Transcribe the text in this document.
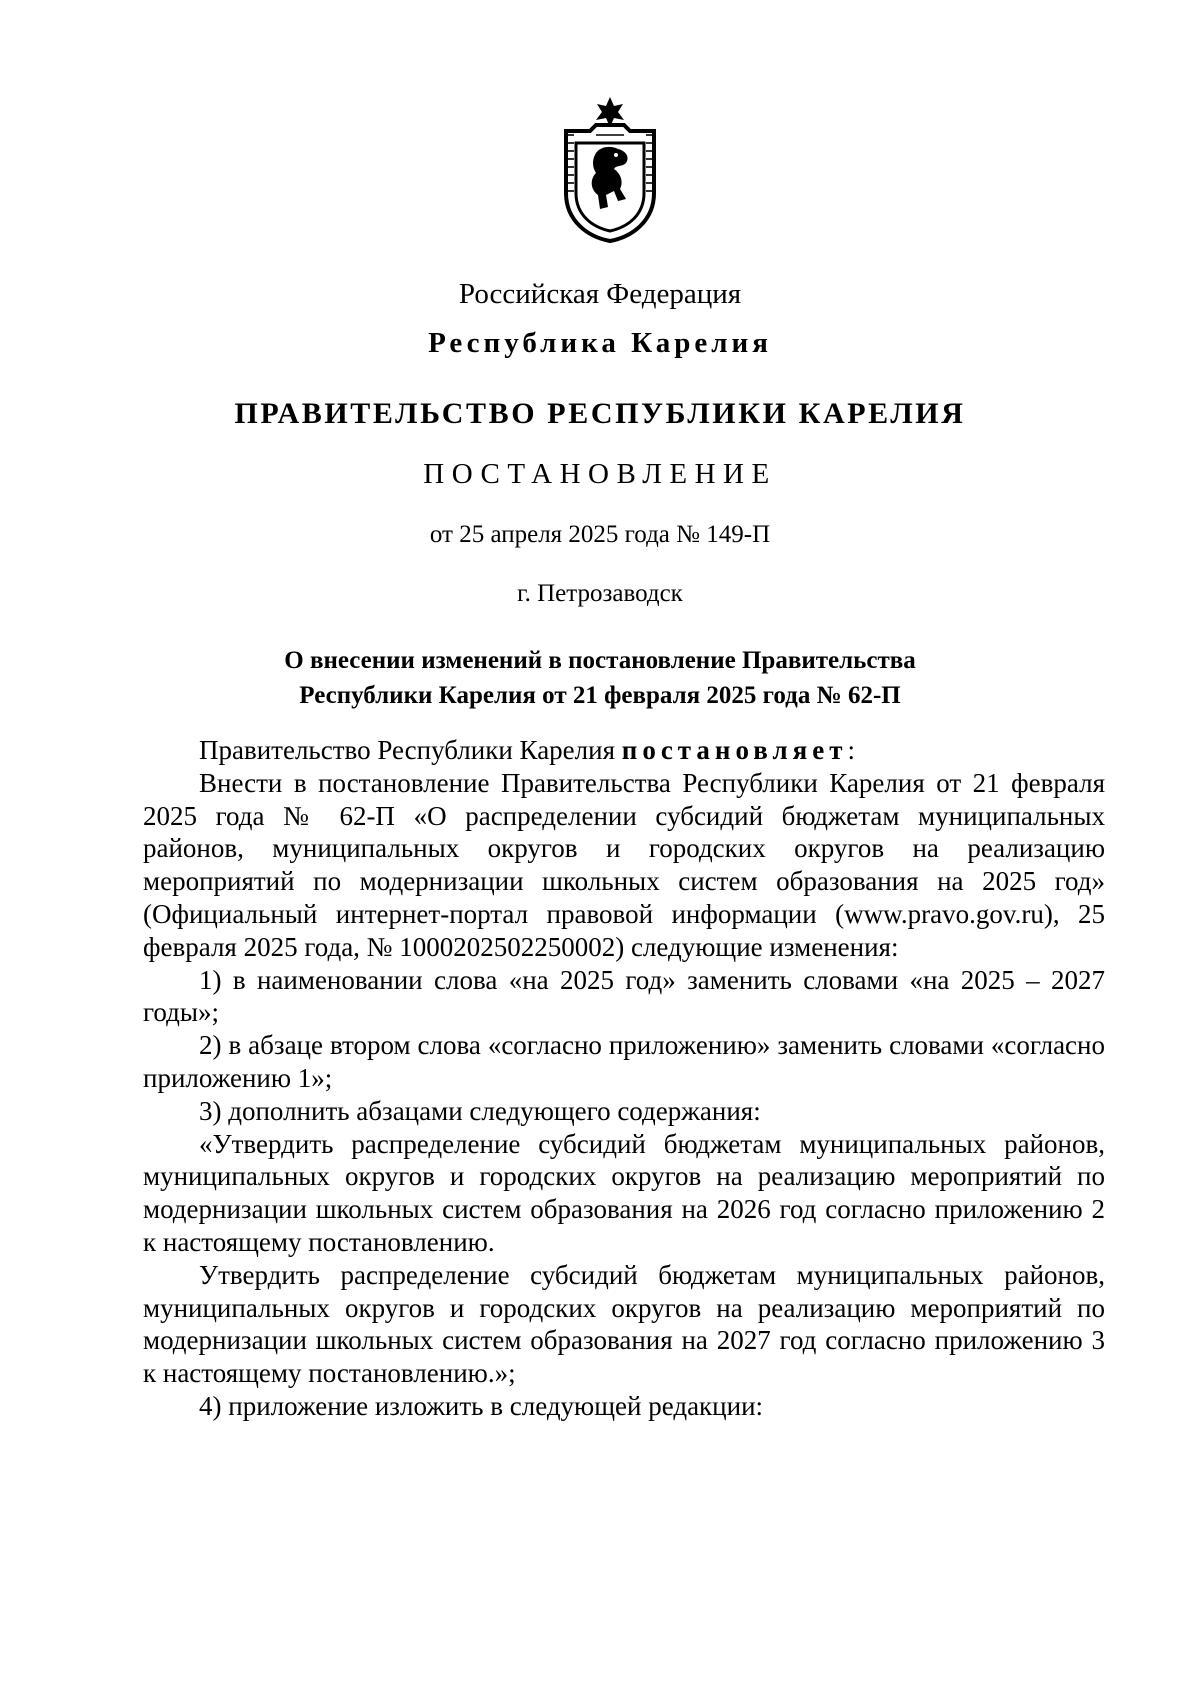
Российская Федерация
Республика Карелия
ПРАВИТЕЛЬСТВО РЕСПУБЛИКИ КАРЕЛИЯ
ПОСТАНОВЛЕНИЕ
от 25 апреля 2025 года № 149-П
г. Петрозаводск
О внесении изменений в постановление Правительства
Республики Карелия от 21 февраля 2025 года № 62-П

Правительство Республики Карелия постановляет:

Внести в постановление Правительства Республики Карелия от 21 февраля 2025 года № 62-П «О распределении субсидий бюджетам муниципальных районов, муниципальных округов и городских округов на реализацию мероприятий по модернизации школьных систем образования на 2025 год» (Официальный интернет-портал правовой информации (www.pravo.gov.ru), 25 февраля 2025 года, № 1000202502250002) следующие изменения:

1) в наименовании слова «на 2025 год» заменить словами «на 2025 – 2027 годы»;

2) в абзаце втором слова «согласно приложению» заменить словами «согласно приложению 1»;

3) дополнить абзацами следующего содержания:

«Утвердить распределение субсидий бюджетам муниципальных районов, муниципальных округов и городских округов на реализацию мероприятий по модернизации школьных систем образования на 2026 год согласно приложению 2 к настоящему постановлению.

Утвердить распределение субсидий бюджетам муниципальных районов, муниципальных округов и городских округов на реализацию мероприятий по модернизации школьных систем образования на 2027 год согласно приложению 3 к настоящему постановлению.»;

4) приложение изложить в следующей редакции:
